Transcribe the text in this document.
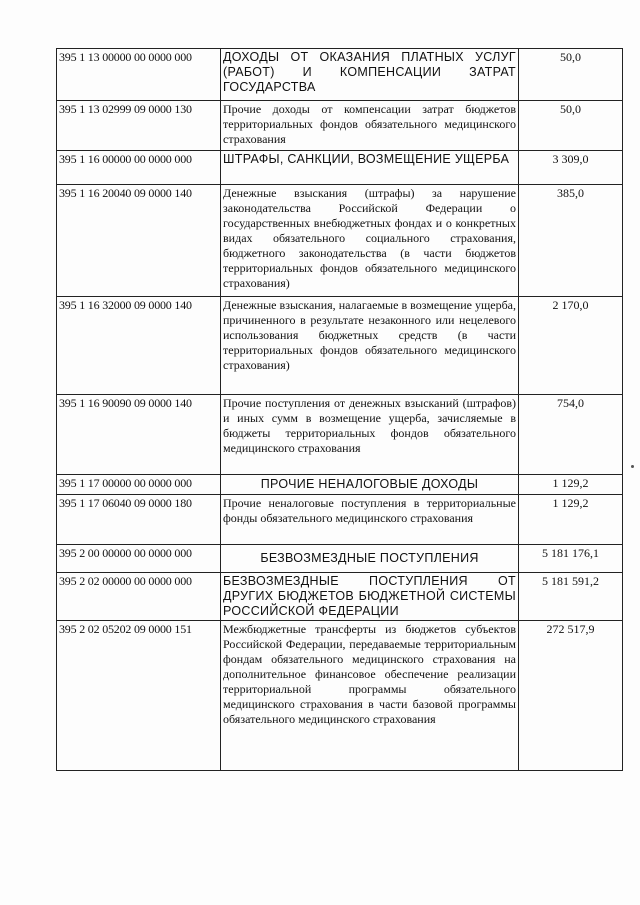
395 1 13 00000 00 0000 000	ДОХОДЫ ОТ ОКАЗАНИЯ ПЛАТНЫХ УСЛУГ (РАБОТ) И КОМПЕНСАЦИИ ЗАТРАТ ГОСУДАРСТВА	50,0
395 1 13 02999 09 0000 130	Прочие доходы от компенсации затрат бюджетов территориальных фондов обязательного медицинского страхования	50,0
395 1 16 00000 00 0000 000	ШТРАФЫ, САНКЦИИ, ВОЗМЕЩЕНИЕ УЩЕРБА	3 309,0
395 1 16 20040 09 0000 140	Денежные взыскания (штрафы) за нарушение законодательства Российской Федерации о государственных внебюджетных фондах и о конкретных видах обязательного социального страхования, бюджетного законодательства (в части бюджетов территориальных фондов обязательного медицинского страхования)	385,0
395 1 16 32000 09 0000 140	Денежные взыскания, налагаемые в возмещение ущерба, причиненного в результате незаконного или нецелевого использования бюджетных средств (в части территориальных фондов обязательного медицинского страхования)	2 170,0
395 1 16 90090 09 0000 140	Прочие поступления от денежных взысканий (штрафов) и иных сумм в возмещение ущерба, зачисляемые в бюджеты территориальных фондов обязательного медицинского страхования	754,0
395 1 17 00000 00 0000 000	ПРОЧИЕ НЕНАЛОГОВЫЕ ДОХОДЫ	1 129,2
395 1 17 06040 09 0000 180	Прочие неналоговые поступления в территориальные фонды обязательного медицинского страхования	1 129,2
395 2 00 00000 00 0000 000	БЕЗВОЗМЕЗДНЫЕ ПОСТУПЛЕНИЯ	5 181 176,1
395 2 02 00000 00 0000 000	БЕЗВОЗМЕЗДНЫЕ ПОСТУПЛЕНИЯ ОТ ДРУГИХ БЮДЖЕТОВ БЮДЖЕТНОЙ СИСТЕМЫ РОССИЙСКОЙ ФЕДЕРАЦИИ	5 181 591,2
395 2 02 05202 09 0000 151	Межбюджетные трансферты из бюджетов субъектов Российской Федерации, передаваемые территориальным фондам обязательного медицинского страхования на дополнительное финансовое обеспечение реализации территориальной программы обязательного медицинского страхования в части базовой программы обязательного медицинского страхования	272 517,9
